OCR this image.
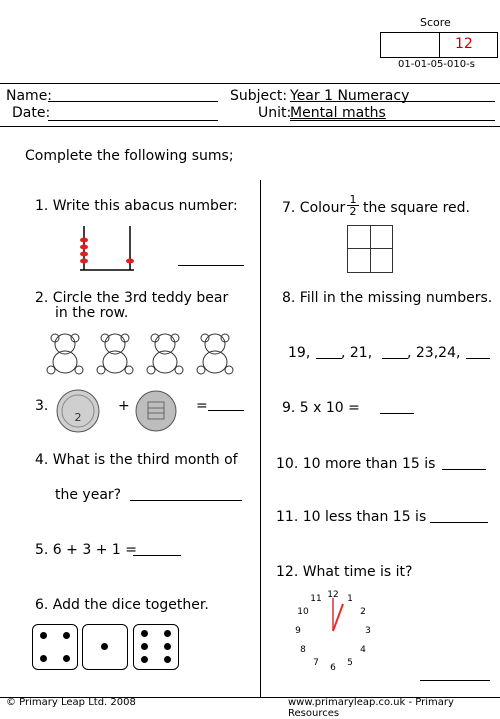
Score
12
01-01-05-010-s
Name:
Date:
Subject: Year 1 Numeracy
Unit:
Mental maths
Complete the following sums;
1. Write this abacus number:
2. Circle the 3rd teddy bear
in the row.
3.
2
+	=
4. What is the third month of
the year?
5. 6 + 3 + 1 =
6. Add the dice together.
7. Colour
1
2 the square red.
8. Fill in the missing numbers.
19, , 21, , 23,24,
9. 5 x 10 =
10. 10 more than 15 is
11. 10 less than 15 is
12. What time is it?
12 1
2
3
4
5
6
7
8
9
10
11
© Primary Leap Ltd. 2008	www.primaryleap.co.uk - Primary Resources
